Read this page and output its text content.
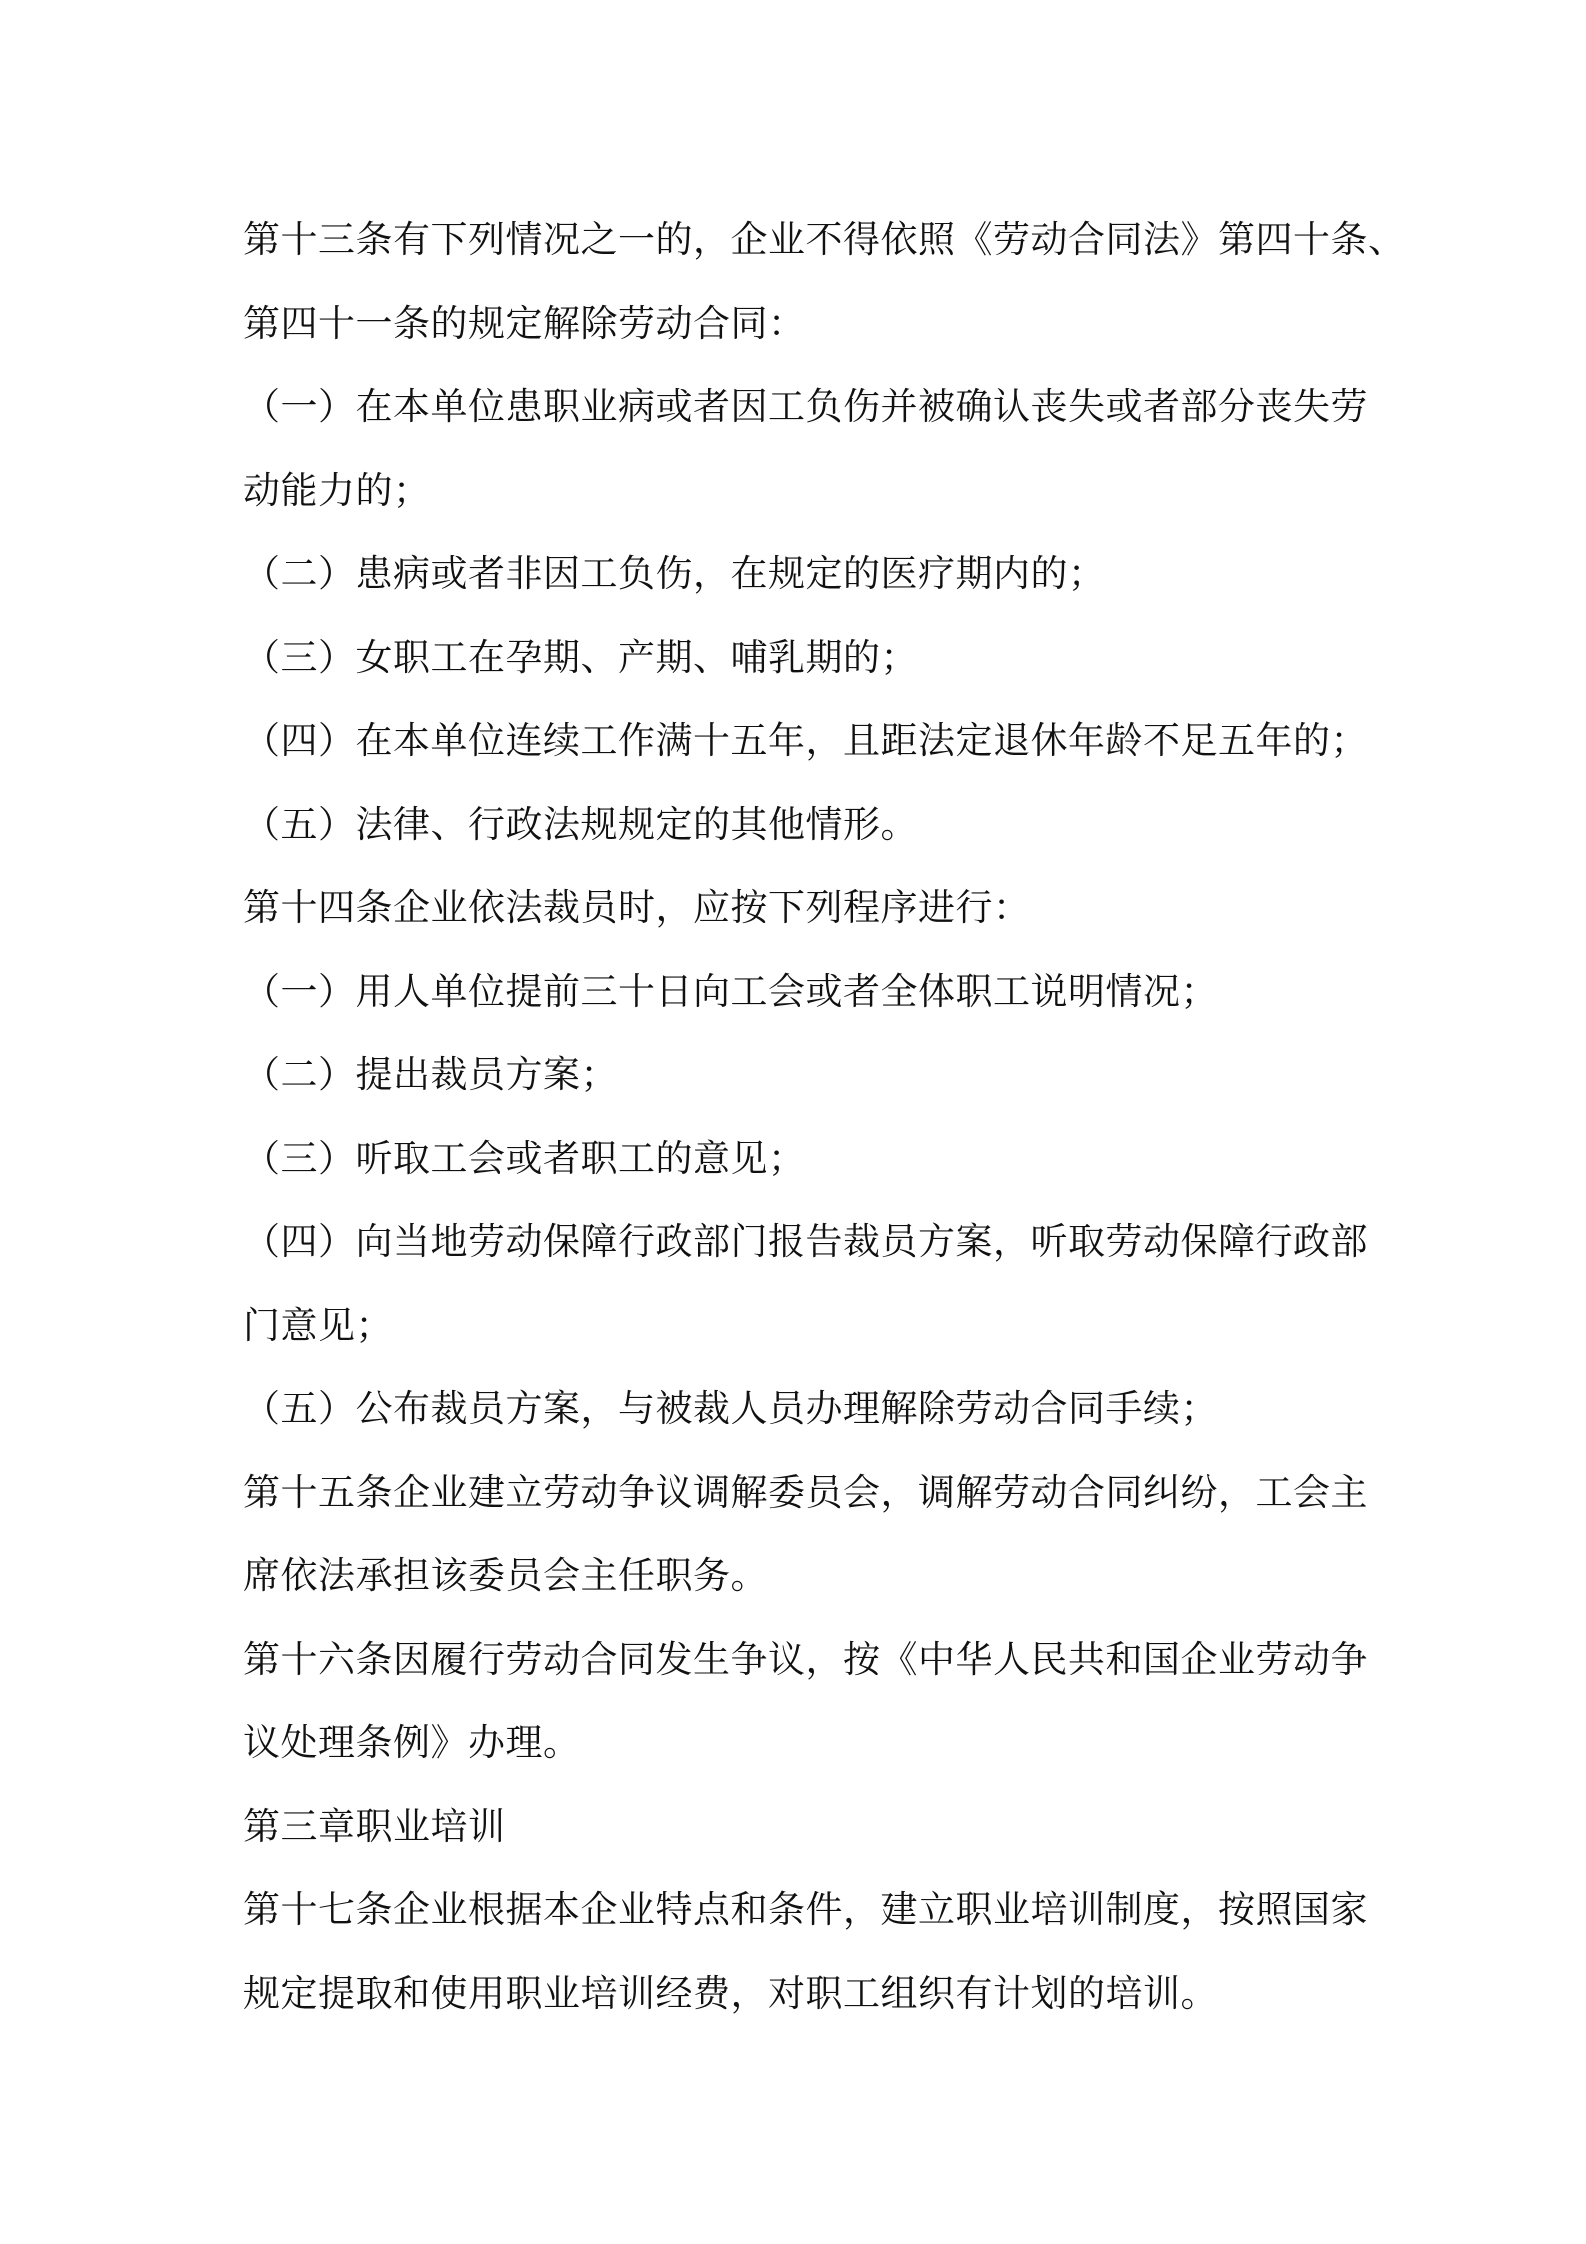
第十三条有下列情况之一的，企业不得依照《劳动合同法》第四十条、
第四十一条的规定解除劳动合同：
（一）在本单位患职业病或者因工负伤并被确认丧失或者部分丧失劳
动能力的；
（二）患病或者非因工负伤，在规定的医疗期内的；
（三）女职工在孕期、产期、哺乳期的；
（四）在本单位连续工作满十五年，且距法定退休年龄不足五年的；
（五）法律、行政法规规定的其他情形。
第十四条企业依法裁员时，应按下列程序进行：
（一）用人单位提前三十日向工会或者全体职工说明情况；
（二）提出裁员方案；
（三）听取工会或者职工的意见；
（四）向当地劳动保障行政部门报告裁员方案，听取劳动保障行政部
门意见；
（五）公布裁员方案，与被裁人员办理解除劳动合同手续；
第十五条企业建立劳动争议调解委员会，调解劳动合同纠纷，工会主
席依法承担该委员会主任职务。
第十六条因履行劳动合同发生争议，按《中华人民共和国企业劳动争
议处理条例》办理。
第三章职业培训
第十七条企业根据本企业特点和条件，建立职业培训制度，按照国家
规定提取和使用职业培训经费，对职工组织有计划的培训。
